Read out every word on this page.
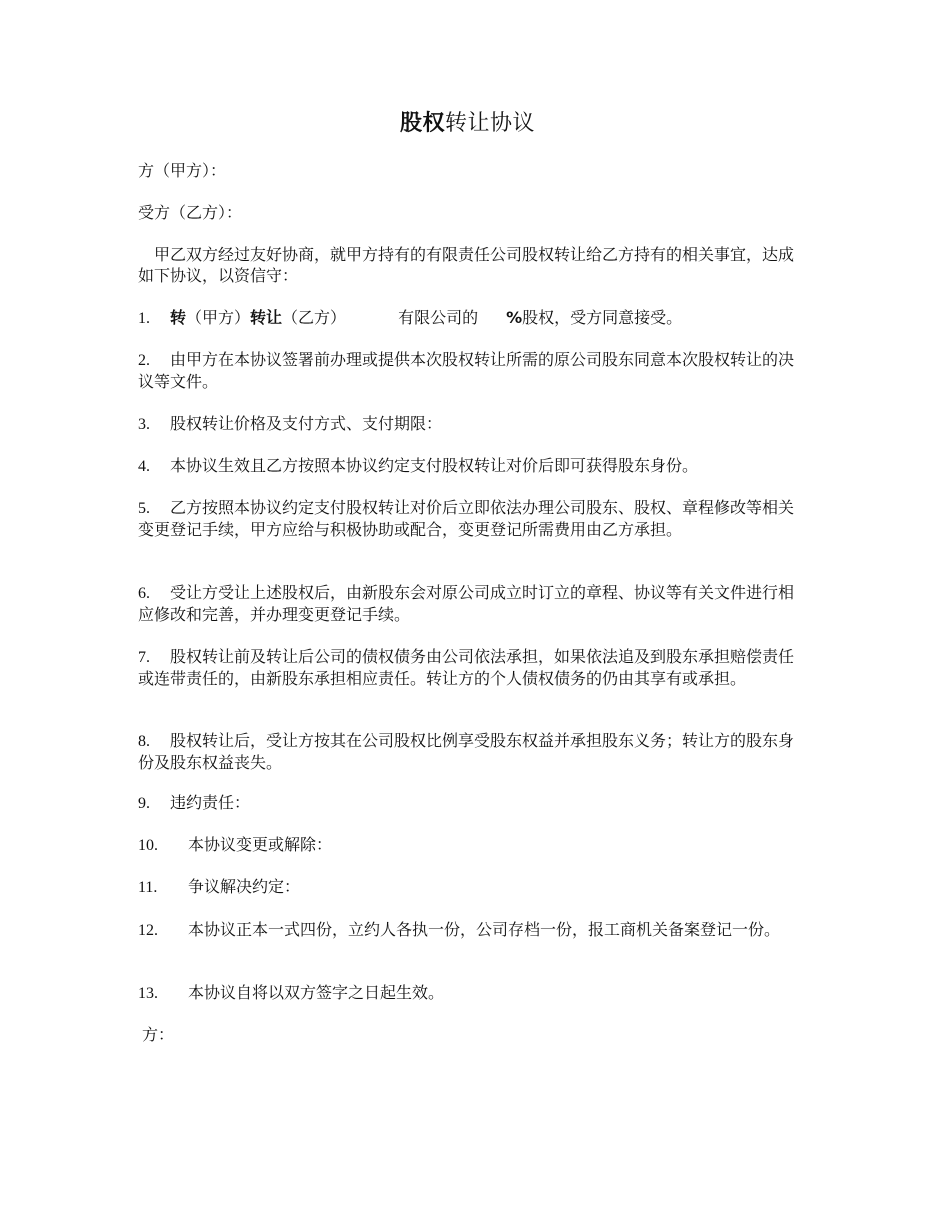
股权转让协议
方（甲方）：
受方（乙方）：
甲乙双方经过友好协商，就甲方持有的有限责任公司股权转让给乙方持有的相关事宜，达成如下协议，以资信守：
1. 转（甲方）转让（乙方）	有限公司的 %股权，受方同意接受。
2. 由甲方在本协议签署前办理或提供本次股权转让所需的原公司股东同意本次股权转让的决议等文件。
3. 股权转让价格及支付方式、支付期限：
4. 本协议生效且乙方按照本协议约定支付股权转让对价后即可获得股东身份。
5. 乙方按照本协议约定支付股权转让对价后立即依法办理公司股东、股权、章程修改等相关变更登记手续，甲方应给与积极协助或配合，变更登记所需费用由乙方承担。
6. 受让方受让上述股权后，由新股东会对原公司成立时订立的章程、协议等有关文件进行相应修改和完善，并办理变更登记手续。
7. 股权转让前及转让后公司的债权债务由公司依法承担，如果依法追及到股东承担赔偿责任或连带责任的，由新股东承担相应责任。转让方的个人债权债务的仍由其享有或承担。
8. 股权转让后，受让方按其在公司股权比例享受股东权益并承担股东义务；转让方的股东身份及股东权益丧失。
9. 违约责任：
10. 本协议变更或解除：
11. 争议解决约定：
12. 本协议正本一式四份，立约人各执一份，公司存档一份，报工商机关备案登记一份。
13. 本协议自将以双方签字之日起生效。
方：
